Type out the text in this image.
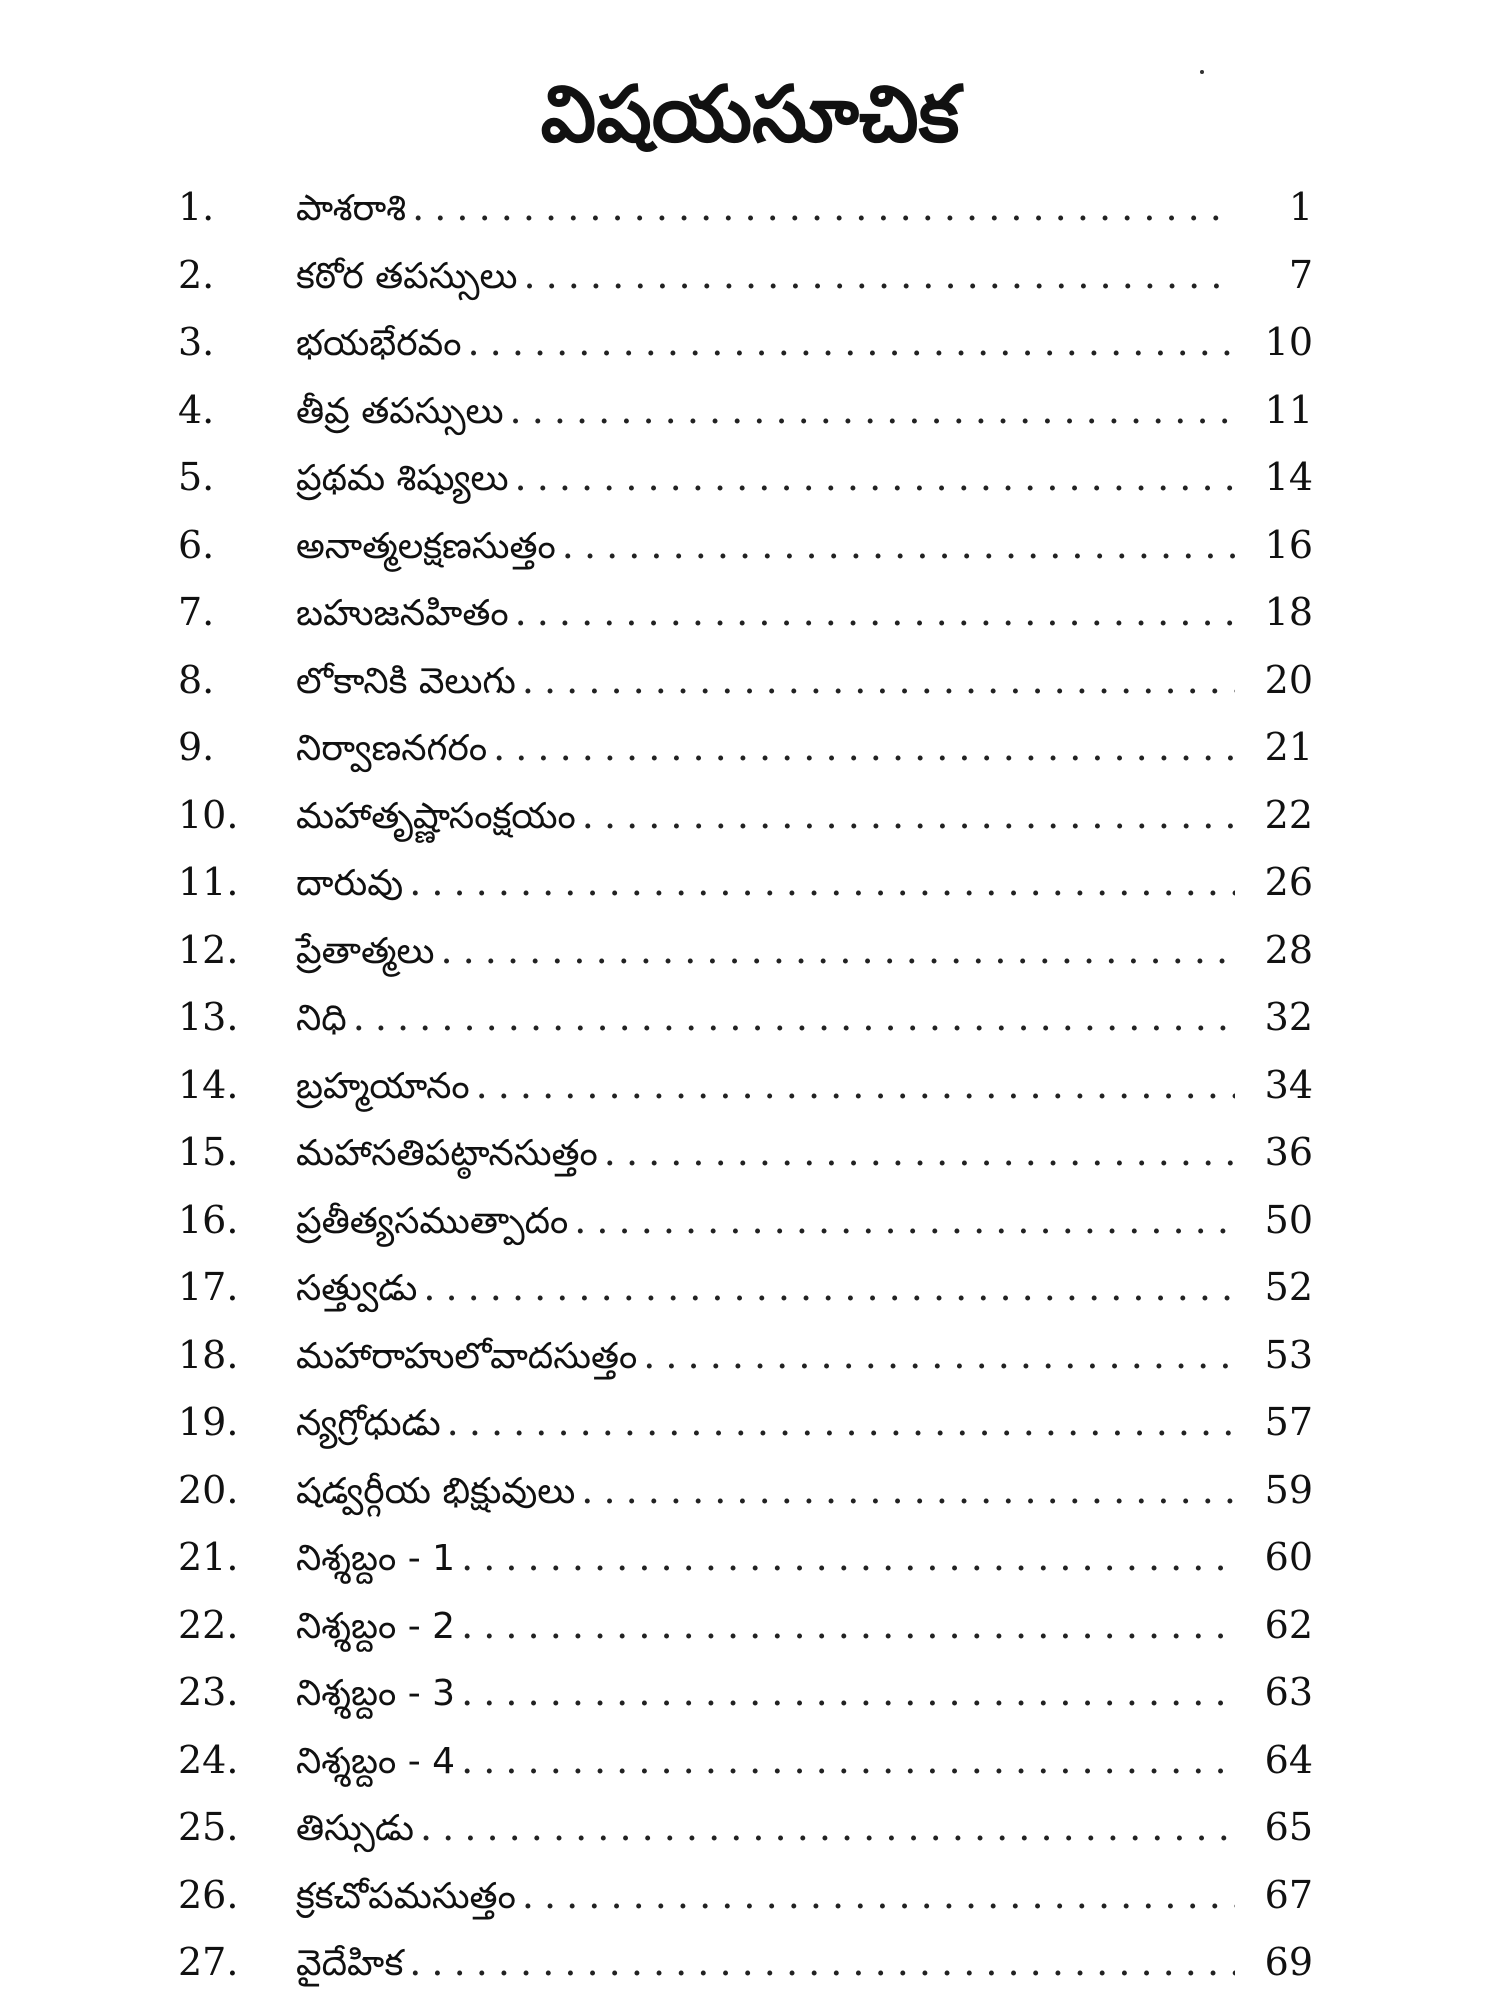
విషయసూచిక
1.	పాశరాశి . . .	1
2.	కఠోర తపస్సులు . . .	7
3.	భయభేరవం . . .	10
4.	తీవ్ర తపస్సులు . . .	11
5.	ప్రథమ శిష్యులు . . .	14
6.	అనాత్మలక్షణసుత్తం . . .	16
7.	బహుజనహితం . . .	18
8.	లోకానికి వెలుగు . . .	20
9.	నిర్వాణనగరం . . .	21
10.	మహాతృష్ణాసంక్షయం . . .	22
11.	దారువు . . .	26
12.	ప్రేతాత్మలు . . .	28
13.	నిధి . . .	32
14.	బ్రహ్మయానం . . .	34
15.	మహాసతిపట్ఠానసుత్తం . . .	36
16.	ప్రతీత్యసముత్పాదం . . .	50
17.	సత్త్వుడు . . .	52
18.	మహారాహులోవాదసుత్తం . . .	53
19.	న్యగ్రోధుడు . . .	57
20.	షడ్వర్గీయ భిక్షువులు . . .	59
21.	నిశ్శబ్దం - 1 . . .	60
22.	నిశ్శబ్దం - 2 . . .	62
23.	నిశ్శబ్దం - 3 . . .	63
24.	నిశ్శబ్దం - 4 . . .	64
25.	తిస్సుడు . . .	65
26.	క్రకచోపమసుత్తం . . .	67
27.	వైదేహిక . . .	69
